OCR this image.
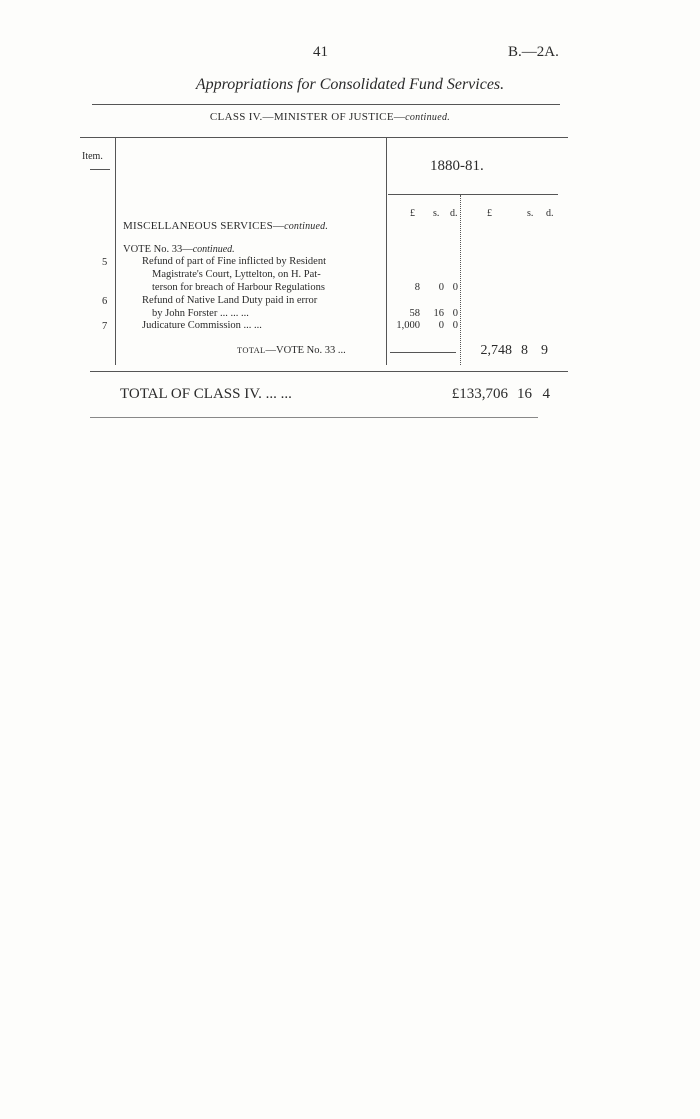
41	B.—2A.
Appropriations for Consolidated Fund Services.
CLASS IV.—MINISTER OF JUSTICE—continued.
Item.
1880-81.
£ s. d.	£	s. d.
MISCELLANEOUS SERVICES—continued.
VOTE No. 33—continued.
5	Refund of part of Fine inflicted by Resident
Magistrate's Court, Lyttelton, on H. Pat-
terson for breach of Harbour Regulations	8	0 0
6	Refund of Native Land Duty paid in error
by John Forster ... ... ...	58	16 0
7	Judicature Commission ... ...	1,000	0 0
TOTAL—VOTE No. 33 ...	2,748 8 9
TOTAL OF CLASS IV. ... ...	£133,706 16 4
